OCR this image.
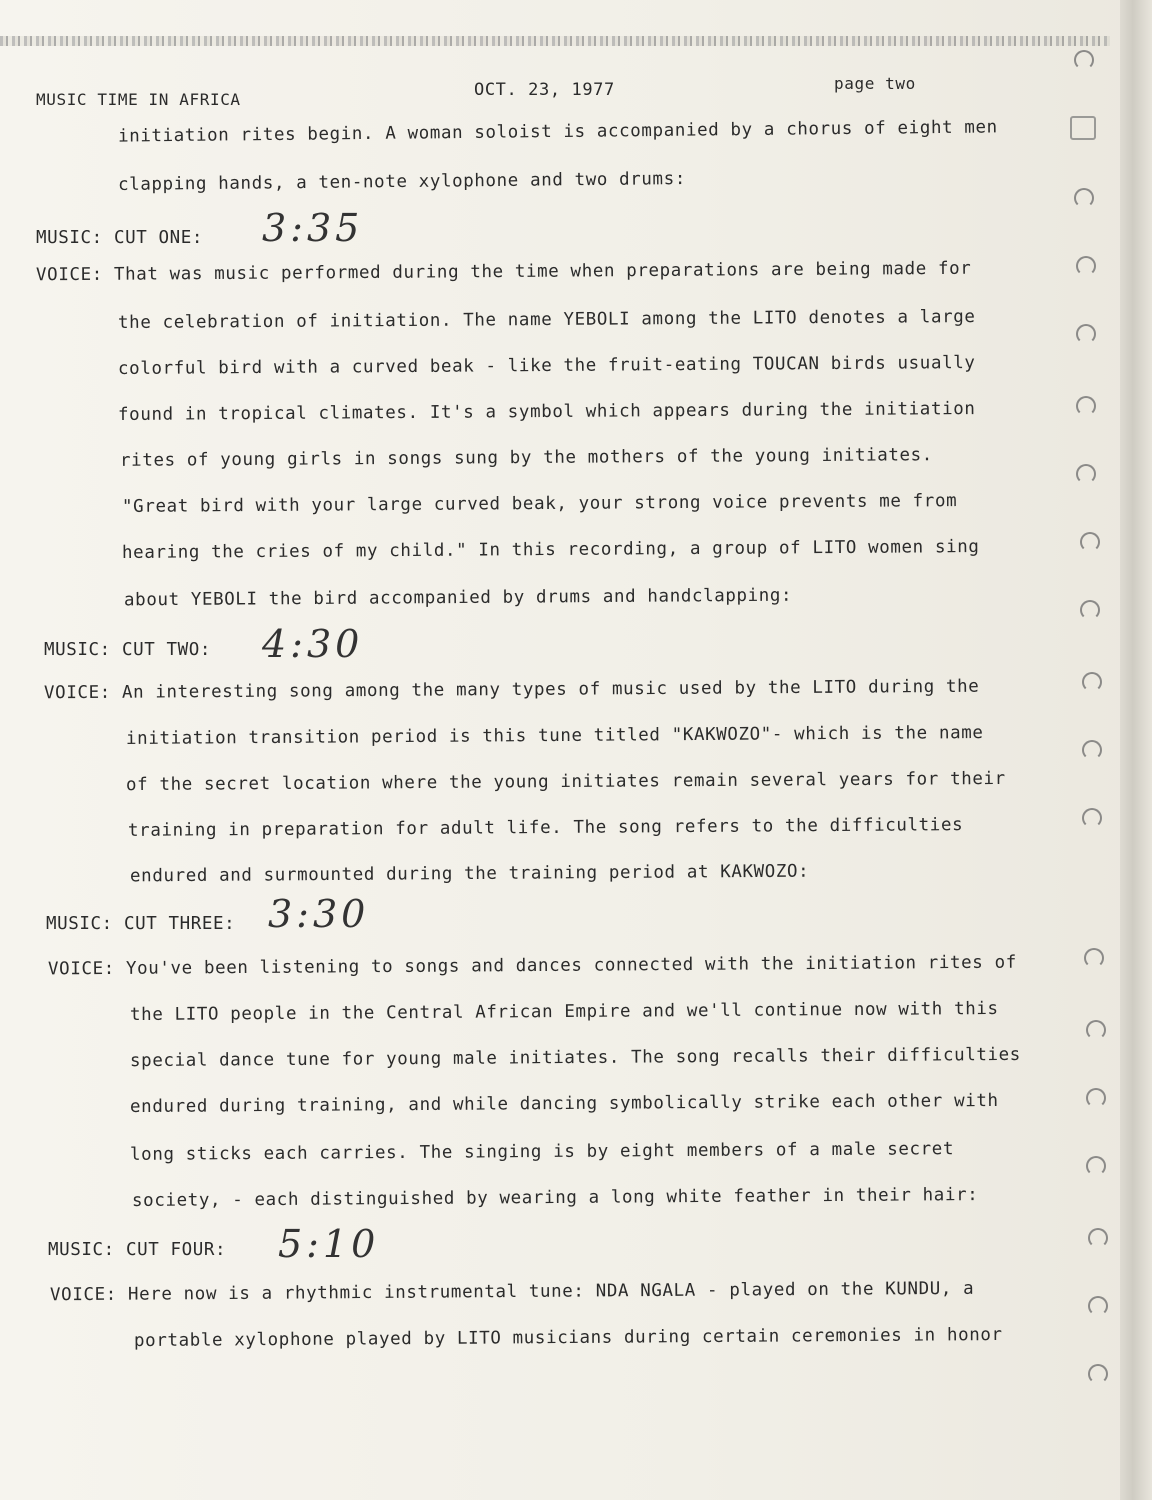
MUSIC TIME IN AFRICA	OCT. 23, 1977	page two
initiation rites begin. A woman soloist is accompanied by a chorus of eight men
clapping hands, a ten-note xylophone and two drums:
MUSIC: CUT ONE: 3:35
VOICE: That was music performed during the time when preparations are being made for
the celebration of initiation. The name YEBOLI among the LITO denotes a large
colorful bird with a curved beak - like the fruit-eating TOUCAN birds usually
found in tropical climates. It's a symbol which appears during the initiation
rites of young girls in songs sung by the mothers of the young initiates.
"Great bird with your large curved beak, your strong voice prevents me from
hearing the cries of my child." In this recording, a group of LITO women sing
about YEBOLI the bird accompanied by drums and handclapping:
MUSIC: CUT TWO: 4:30
VOICE: An interesting song among the many types of music used by the LITO during the
initiation transition period is this tune titled "KAKWOZO"- which is the name
of the secret location where the young initiates remain several years for their
training in preparation for adult life. The song refers to the difficulties
endured and surmounted during the training period at KAKWOZO:
MUSIC: CUT THREE: 3:30
VOICE: You've been listening to songs and dances connected with the initiation rites of
the LITO people in the Central African Empire and we'll continue now with this
special dance tune for young male initiates. The song recalls their difficulties
endured during training, and while dancing symbolically strike each other with
long sticks each carries. The singing is by eight members of a male secret
society, - each distinguished by wearing a long white feather in their hair:
MUSIC: CUT FOUR: 5:10
VOICE: Here now is a rhythmic instrumental tune: NDA NGALA - played on the KUNDU, a
portable xylophone played by LITO musicians during certain ceremonies in honor
